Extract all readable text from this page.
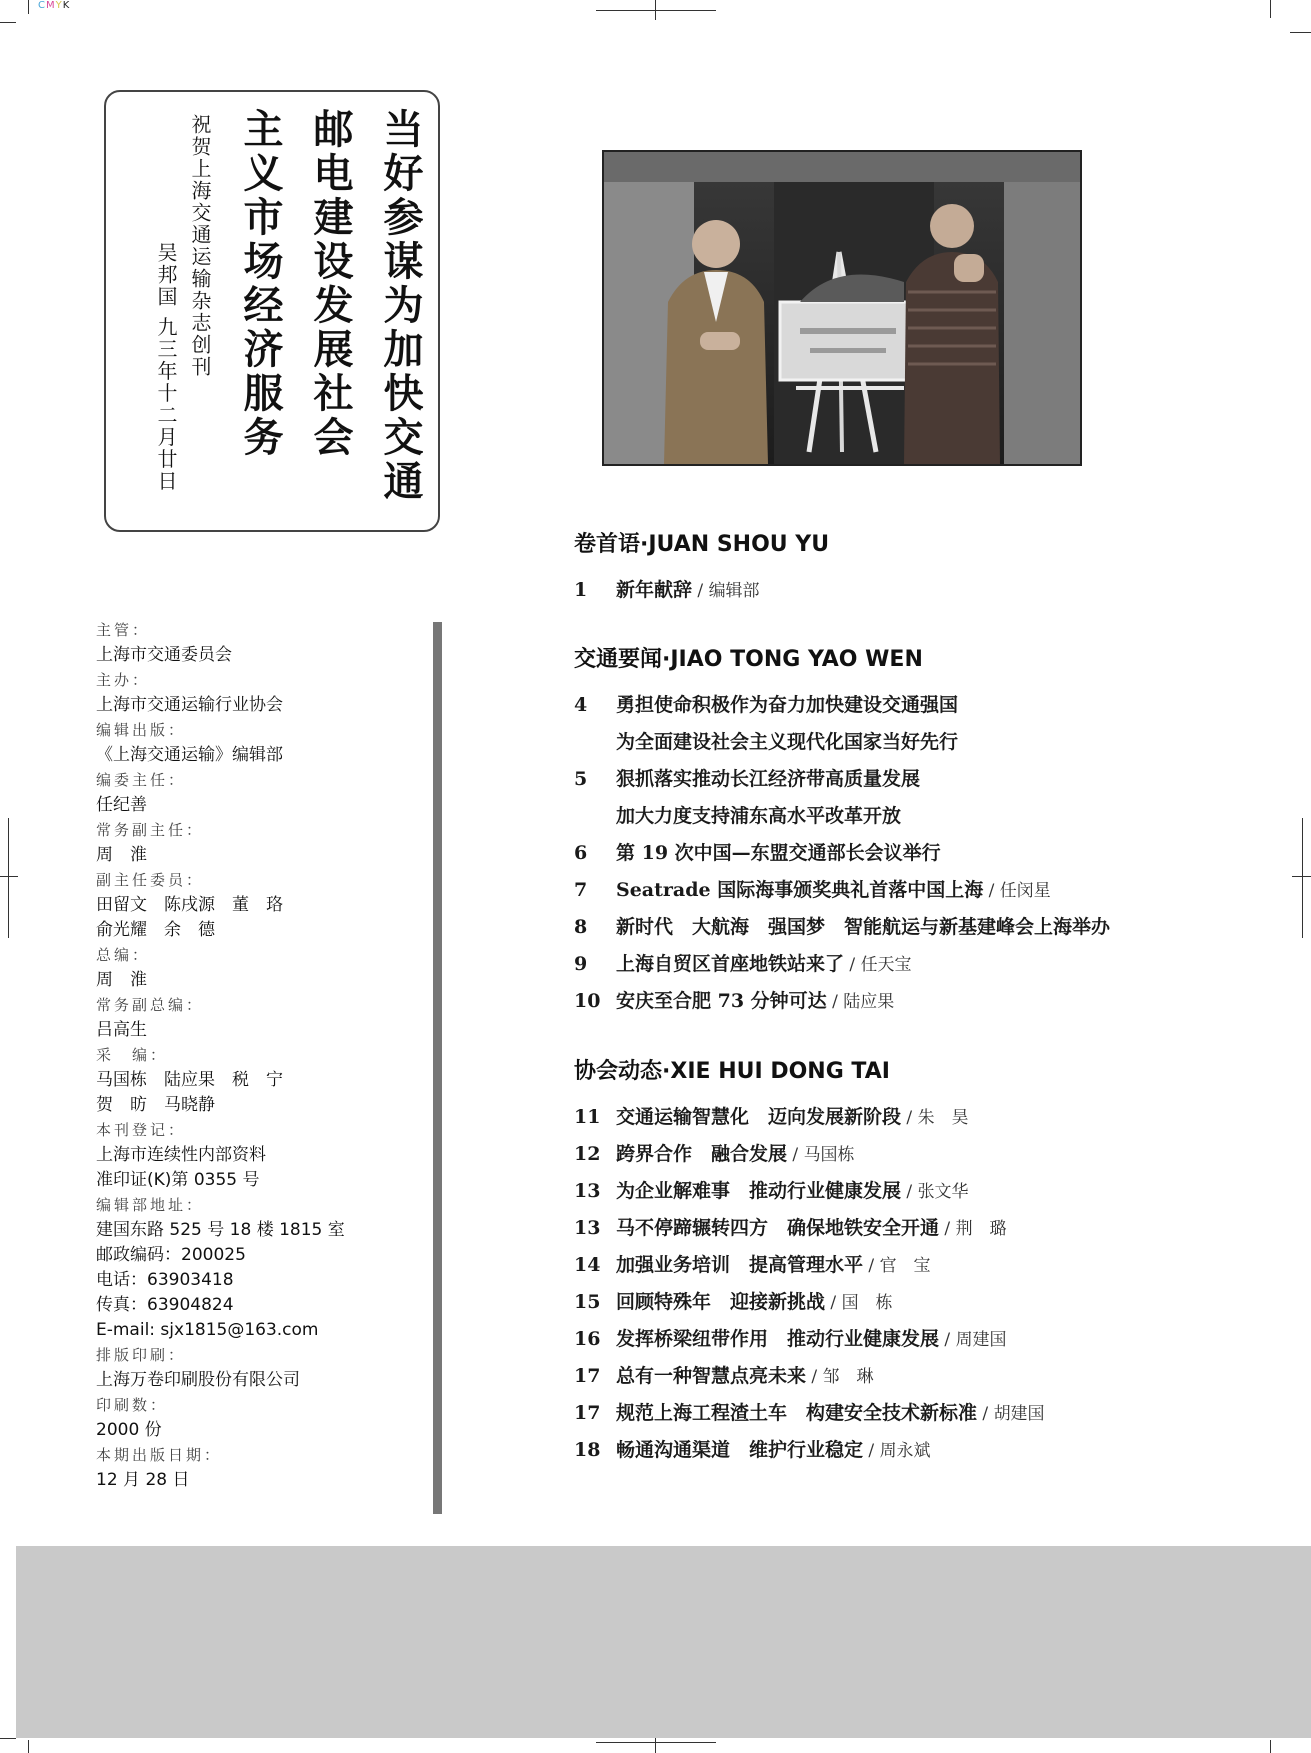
CMYK
当好参谋为加快交通
邮电建设发展社会
主义市场经济服务
祝贺上海交通运输杂志创刊
吴邦国 九三年十二月廿日
主管：
上海市交通委员会
主办：
上海市交通运输行业协会
编辑出版：
《上海交通运输》编辑部
编委主任：
任纪善
常务副主任：
周　淮
副主任委员：
田留文　陈戌源　董　珞
俞光耀　余　德
总编：
周　淮
常务副总编：
吕高生
采　编：
马国栋　陆应果　税　宁
贺　昉　马晓静
本刊登记：
上海市连续性内部资料
准印证(K)第 0355 号
编辑部地址：
建国东路 525 号 18 楼 1815 室
邮政编码：200025
电话：63903418
传真：63904824
E-mail: sjx1815@163.com
排版印刷：
上海万卷印刷股份有限公司
印刷数：
2000 份
本期出版日期：
12 月 28 日
卷首语·JUAN SHOU YU
1	新年献辞 / 编辑部
交通要闻·JIAO TONG YAO WEN
4	勇担使命积极作为奋力加快建设交通强国
为全面建设社会主义现代化国家当好先行
5	狠抓落实推动长江经济带高质量发展
加大力度支持浦东高水平改革开放
6	第 19 次中国—东盟交通部长会议举行
7	Seatrade 国际海事颁奖典礼首落中国上海 / 任闵星
8	新时代　大航海　强国梦　智能航运与新基建峰会上海举办
9	上海自贸区首座地铁站来了 / 任天宝
10 安庆至合肥 73 分钟可达 / 陆应果
协会动态·XIE HUI DONG TAI
11 交通运输智慧化　迈向发展新阶段 / 朱　昊
12 跨界合作　融合发展 / 马国栋
13 为企业解难事　推动行业健康发展 / 张文华
13 马不停蹄辗转四方　确保地铁安全开通 / 荆　璐
14 加强业务培训　提高管理水平 / 官　宝
15 回顾特殊年　迎接新挑战 / 国　栋
16 发挥桥梁纽带作用　推动行业健康发展 / 周建国
17 总有一种智慧点亮未来 / 邹　琳
17 规范上海工程渣土车　构建安全技术新标准 / 胡建国
18 畅通沟通渠道　维护行业稳定 / 周永斌
